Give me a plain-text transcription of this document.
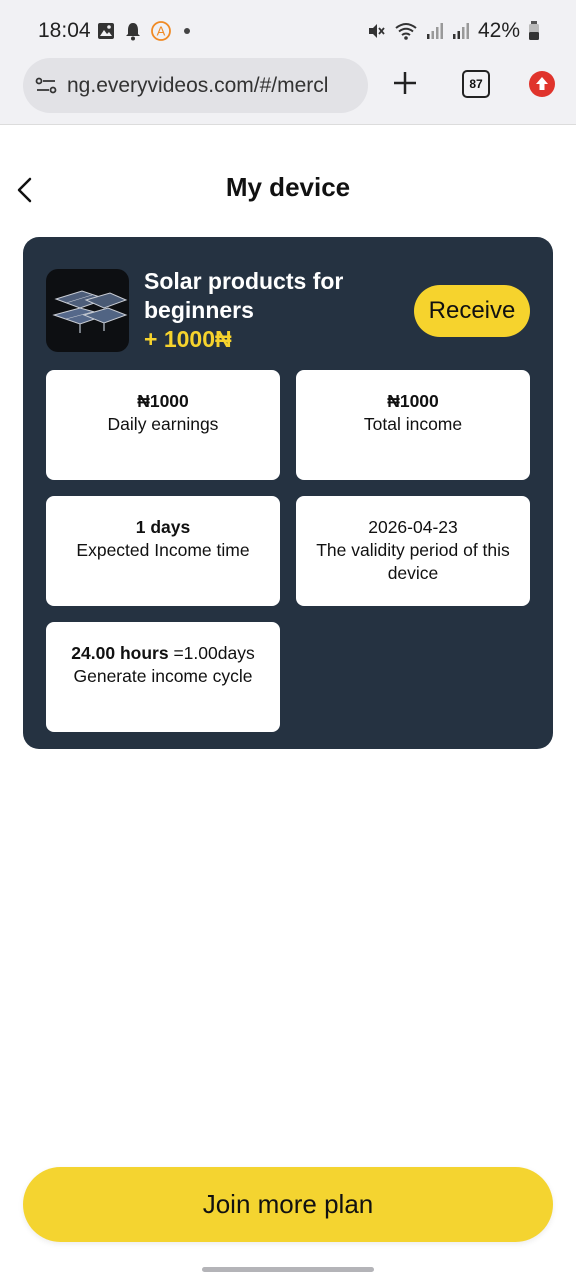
18:04	A	42%
ng.everyvideos.com/#/mercl	87
My device
Solar products for beginners
+ 1000₦
Receive
₦1000
Daily earnings
₦1000
Total income
1 days
Expected Income time
2026-04-23
The validity period of this device
24.00 hours =1.00days
Generate income cycle
Join more plan
